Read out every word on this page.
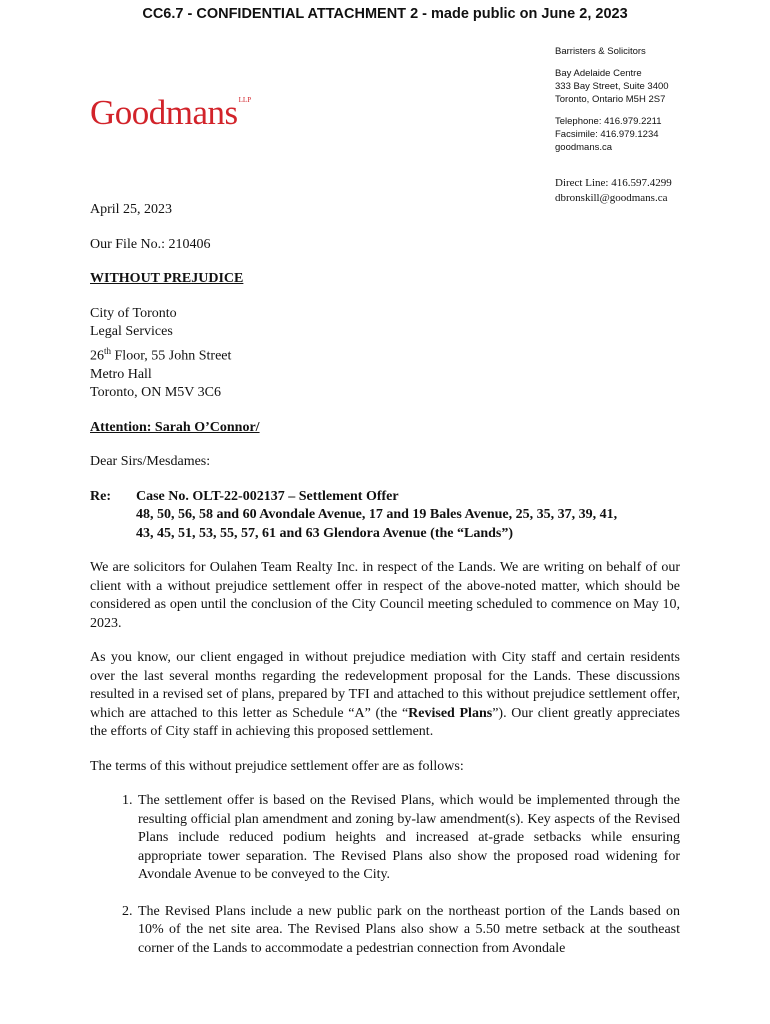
CC6.7 - CONFIDENTIAL ATTACHMENT 2 - made public on June 2, 2023
Goodmans$^{LLP}$
Barristers & Solicitors
Bay Adelaide Centre
333 Bay Street, Suite 3400
Toronto, Ontario M5H 2S7
Telephone: 416.979.2211
Facsimile: 416.979.1234
goodmans.ca
Direct Line: 416.597.4299
dbronskill@goodmans.ca

April 25, 2023

Our File No.: 210406

WITHOUT PREJUDICE

City of Toronto

Legal Services

26th Floor, 55 John Street

Metro Hall

Toronto, ON M5V 3C6

Attention: Sarah O’Connor/

Dear Sirs/Mesdames:

Re:	Case No. OLT-22-002137 – Settlement Offer
48, 50, 56, 58 and 60 Avondale Avenue, 17 and 19 Bales Avenue, 25, 35, 37, 39, 41,
43, 45, 51, 53, 55, 57, 61 and 63 Glendora Avenue (the “Lands”)

We are solicitors for Oulahen Team Realty Inc. in respect of the Lands. We are writing on behalf of our client with a without prejudice settlement offer in respect of the above-noted matter, which should be considered as open until the conclusion of the City Council meeting scheduled to commence on May 10, 2023.

As you know, our client engaged in without prejudice mediation with City staff and certain residents over the last several months regarding the redevelopment proposal for the Lands. These discussions resulted in a revised set of plans, prepared by TFI and attached to this without prejudice settlement offer, which are attached to this letter as Schedule “A” (the “Revised Plans”). Our client greatly appreciates the efforts of City staff in achieving this proposed settlement.

The terms of this without prejudice settlement offer are as follows:

1. The settlement offer is based on the Revised Plans, which would be implemented through the resulting official plan amendment and zoning by-law amendment(s). Key aspects of the Revised Plans include reduced podium heights and increased at-grade setbacks while ensuring appropriate tower separation. The Revised Plans also show the proposed road widening for Avondale Avenue to be conveyed to the City.
2. The Revised Plans include a new public park on the northeast portion of the Lands based on 10% of the net site area. The Revised Plans also show a 5.50 metre setback at the southeast corner of the Lands to accommodate a pedestrian connection from Avondale
